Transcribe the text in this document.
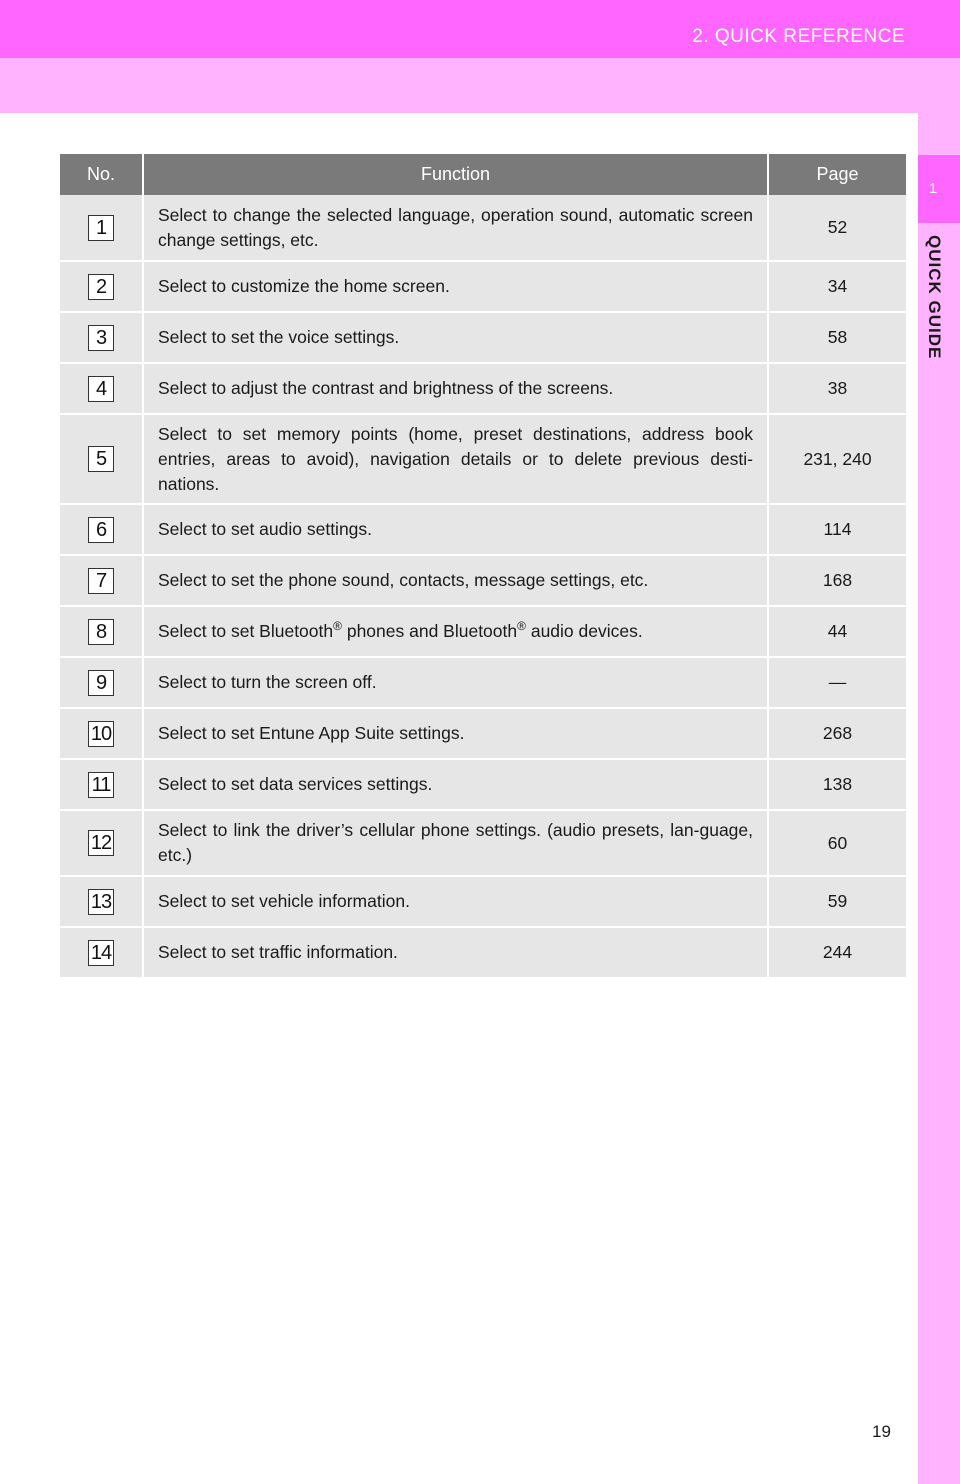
2. QUICK REFERENCE
1
QUICK GUIDE
No.	Function	Page
1	Select to change the selected language, operation sound, automatic screen change settings, etc.	52
2	Select to customize the home screen.	34
3	Select to set the voice settings.	58
4	Select to adjust the contrast and brightness of the screens.	38
5	Select to set memory points (home, preset destinations, address book entries, areas to avoid), navigation details or to delete previous desti-nations.	231, 240
6	Select to set audio settings.	114
7	Select to set the phone sound, contacts, message settings, etc.	168
8	Select to set Bluetooth® phones and Bluetooth® audio devices.	44
9	Select to turn the screen off.	—
10	Select to set Entune App Suite settings.	268
11	Select to set data services settings.	138
12	Select to link the driver’s cellular phone settings. (audio presets, lan-guage, etc.)	60
13	Select to set vehicle information.	59
14	Select to set traffic information.	244
19
